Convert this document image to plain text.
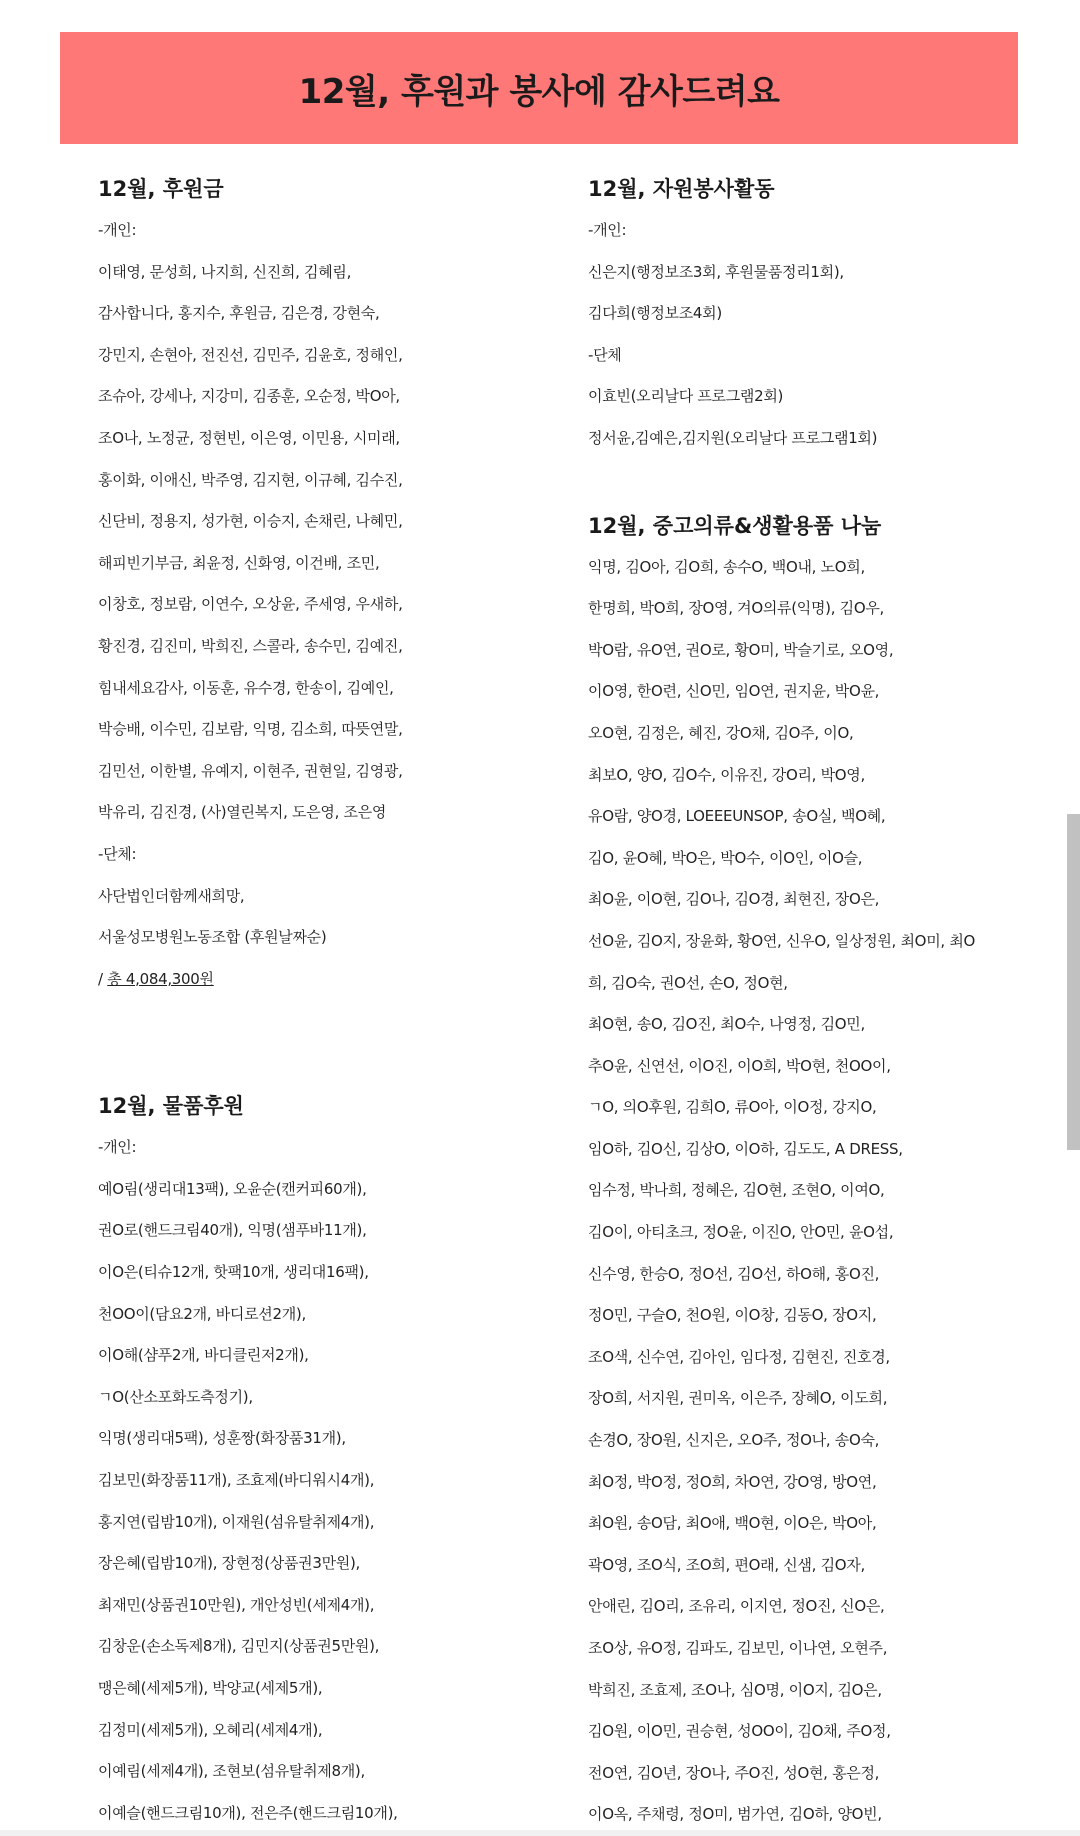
12월, 후원과 봉사에 감사드려요
12월, 후원금
-개인:
이태영, 문성희, 나지희, 신진희, 김혜림,
감사합니다, 홍지수, 후원금, 김은경, 강현숙,
강민지, 손현아, 전진선, 김민주, 김윤호, 정해인,
조슈아, 강세나, 지강미, 김종훈, 오순정, 박O아,
조O나, 노정균, 정현빈, 이은영, 이민용, 시미래,
홍이화, 이애신, 박주영, 김지현, 이규혜, 김수진,
신단비, 정용지, 성가현, 이승지, 손채린, 나혜민,
해피빈기부금, 최윤정, 신화영, 이건배, 조민,
이창호, 정보람, 이연수, 오상윤, 주세영, 우새하,
황진경, 김진미, 박희진, 스콜라, 송수민, 김예진,
힘내세요감사, 이동훈, 유수경, 한송이, 김예인,
박승배, 이수민, 김보람, 익명, 김소희, 따뜻연말,
김민선, 이한별, 유예지, 이현주, 권현일, 김영광,
박유리, 김진경, (사)열린복지, 도은영, 조은영
-단체:
사단법인더함께새희망,
서울성모병원노동조합 (후원날짜순)
/ 총 4,084,300원
12월, 물품후원
-개인:
예O림(생리대13팩), 오윤순(캔커피60개),
권O로(핸드크림40개), 익명(샘푸바11개),
이O은(티슈12개, 핫팩10개, 생리대16팩),
천OO이(담요2개, 바디로션2개),
이O해(샴푸2개, 바디클린저2개),
ㄱO(산소포화도측정기),
익명(생리대5팩), 성훈짱(화장품31개),
김보민(화장품11개), 조효제(바디워시4개),
홍지연(립밤10개), 이재원(섬유탈취제4개),
장은혜(립밤10개), 장현정(상품권3만원),
최재민(상품권10만원), 개안성빈(세제4개),
김창운(손소독제8개), 김민지(상품권5만원),
맹은혜(세제5개), 박양교(세제5개),
김정미(세제5개), 오혜리(세제4개),
이예림(세제4개), 조현보(섬유탈취제8개),
이예슬(핸드크림10개), 전은주(핸드크림10개),
12월, 자원봉사활동
-개인:
신은지(행정보조3회, 후원물품정리1회),
김다희(행정보조4회)
-단체
이효빈(오리날다 프로그램2회)
정서윤,김예은,김지원(오리날다 프로그램1회)
12월, 중고의류&생활용품 나눔
익명, 김O아, 김O희, 송수O, 백O내, 노O희,
한명희, 박O희, 장O영, 겨O의류(익명), 김O우,
박O람, 유O연, 권O로, 황O미, 박슬기로, 오O영,
이O영, 한O련, 신O민, 임O연, 권지윤, 박O윤,
오O현, 김정은, 혜진, 강O채, 김O주, 이O,
최보O, 양O, 김O수, 이유진, 강O리, 박O영,
유O람, 양O경, LOEEEUNSOP, 송O실, 백O혜,
김O, 윤O혜, 박O은, 박O수, 이O인, 이O슬,
최O윤, 이O현, 김O나, 김O경, 최현진, 장O은,
선O윤, 김O지, 장윤화, 황O연, 신우O, 일상정원, 최O미, 최O
희, 김O숙, 권O선, 손O, 정O현,
최O현, 송O, 김O진, 최O수, 나영정, 김O민,
추O윤, 신연선, 이O진, 이O희, 박O현, 천OO이,
ㄱO, 의O후원, 김희O, 류O아, 이O정, 강지O,
임O하, 김O신, 김상O, 이O하, 김도도, A DRESS,
임수정, 박나희, 정혜은, 김O현, 조현O, 이여O,
김O이, 아티초크, 정O윤, 이진O, 안O민, 윤O섭,
신수영, 한승O, 정O선, 김O선, 하O해, 홍O진,
정O민, 구슬O, 천O원, 이O창, 김동O, 장O지,
조O색, 신수연, 김아인, 임다정, 김현진, 진호경,
장O희, 서지원, 권미옥, 이은주, 장혜O, 이도희,
손경O, 장O원, 신지은, 오O주, 정O나, 송O숙,
최O정, 박O정, 정O희, 차O연, 강O영, 방O연,
최O원, 송O담, 최O애, 백O현, 이O은, 박O아,
곽O영, 조O식, 조O희, 편O래, 신샘, 김O자,
안애린, 김O리, 조유리, 이지연, 정O진, 신O은,
조O상, 유O정, 김파도, 김보민, 이나연, 오현주,
박희진, 조효제, 조O나, 심O명, 이O지, 김O은,
김O원, 이O민, 권승현, 성OO이, 김O채, 주O정,
전O연, 김O년, 장O나, 주O진, 성O현, 홍은정,
이O옥, 주채령, 정O미, 범가연, 김O하, 양O빈,
